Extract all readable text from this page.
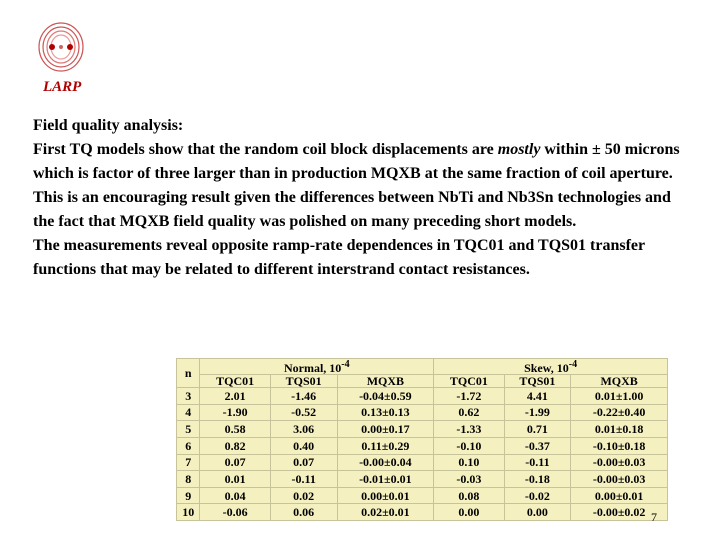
LARP

Field quality analysis:

First TQ models show that the random coil block displacements are mostly within ± 50 microns which is factor of three larger than in production MQXB at the same fraction of coil aperture.

This is an encouraging result given the differences between NbTi and Nb3Sn technologies and the fact that MQXB field quality was polished on many preceding short models.

The measurements reveal opposite ramp-rate dependences in TQC01 and TQS01 transfer functions that may be related to different interstrand contact resistances.

n	Normal, $10^{-4}$			Skew, $10^{-4}$
	TQC01	TQS01	MQXB	TQC01	TQS01	MQXB
3	2.01	-1.46	-0.04±0.59	-1.72	4.41	0.01±1.00
4	-1.90	-0.52	0.13±0.13	0.62	-1.99	-0.22±0.40
5	0.58	3.06	0.00±0.17	-1.33	0.71	0.01±0.18
6	0.82	0.40	0.11±0.29	-0.10	-0.37	-0.10±0.18
7	0.07	0.07	-0.00±0.04	0.10	-0.11	-0.00±0.03
8	0.01	-0.11	-0.01±0.01	-0.03	-0.18	-0.00±0.03
9	0.04	0.02	0.00±0.01	0.08	-0.02	0.00±0.01
10	-0.06	0.06	0.02±0.01	0.00	0.00	-0.00±0.02 7
